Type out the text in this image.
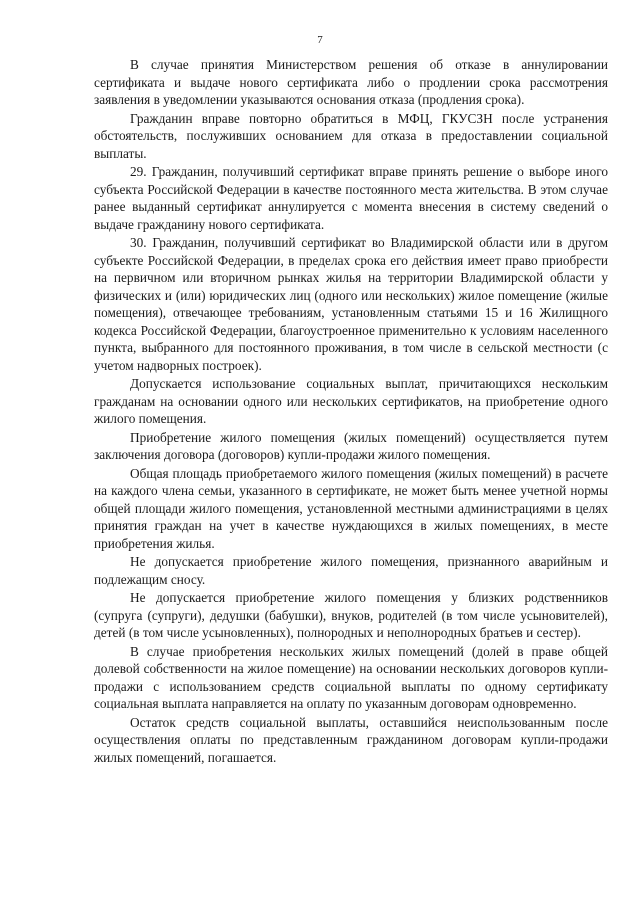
7

В случае принятия Министерством решения об отказе в аннулировании сертификата и выдаче нового сертификата либо о продлении срока рассмотрения заявления в уведомлении указываются основания отказа (продления срока).

Гражданин вправе повторно обратиться в МФЦ, ГКУСЗН после устранения обстоятельств, послуживших основанием для отказа в предоставлении социальной выплаты.

29. Гражданин, получивший сертификат вправе принять решение о выборе иного субъекта Российской Федерации в качестве постоянного места жительства. В этом случае ранее выданный сертификат аннулируется с момента внесения в систему сведений о выдаче гражданину нового сертификата.

30. Гражданин, получивший сертификат во Владимирской области или в другом субъекте Российской Федерации, в пределах срока его действия имеет право приобрести на первичном или вторичном рынках жилья на территории Владимирской области у физических и (или) юридических лиц (одного или нескольких) жилое помещение (жилые помещения), отвечающее требованиям, установленным статьями 15 и 16 Жилищного кодекса Российской Федерации, благоустроенное применительно к условиям населенного пункта, выбранного для постоянного проживания, в том числе в сельской местности (с учетом надворных построек).

Допускается использование социальных выплат, причитающихся нескольким гражданам на основании одного или нескольких сертификатов, на приобретение одного жилого помещения.

Приобретение жилого помещения (жилых помещений) осуществляется путем заключения договора (договоров) купли-продажи жилого помещения.

Общая площадь приобретаемого жилого помещения (жилых помещений) в расчете на каждого члена семьи, указанного в сертификате, не может быть менее учетной нормы общей площади жилого помещения, установленной местными администрациями в целях принятия граждан на учет в качестве нуждающихся в жилых помещениях, в месте приобретения жилья.

Не допускается приобретение жилого помещения, признанного аварийным и подлежащим сносу.

Не допускается приобретение жилого помещения у близких родственников (супруга (супруги), дедушки (бабушки), внуков, родителей (в том числе усыновителей), детей (в том числе усыновленных), полнородных и неполнородных братьев и сестер).

В случае приобретения нескольких жилых помещений (долей в праве общей долевой собственности на жилое помещение) на основании нескольких договоров купли-продажи с использованием средств социальной выплаты по одному сертификату социальная выплата направляется на оплату по указанным договорам одновременно.

Остаток средств социальной выплаты, оставшийся неиспользованным после осуществления оплаты по представленным гражданином договорам купли-продажи жилых помещений, погашается.
